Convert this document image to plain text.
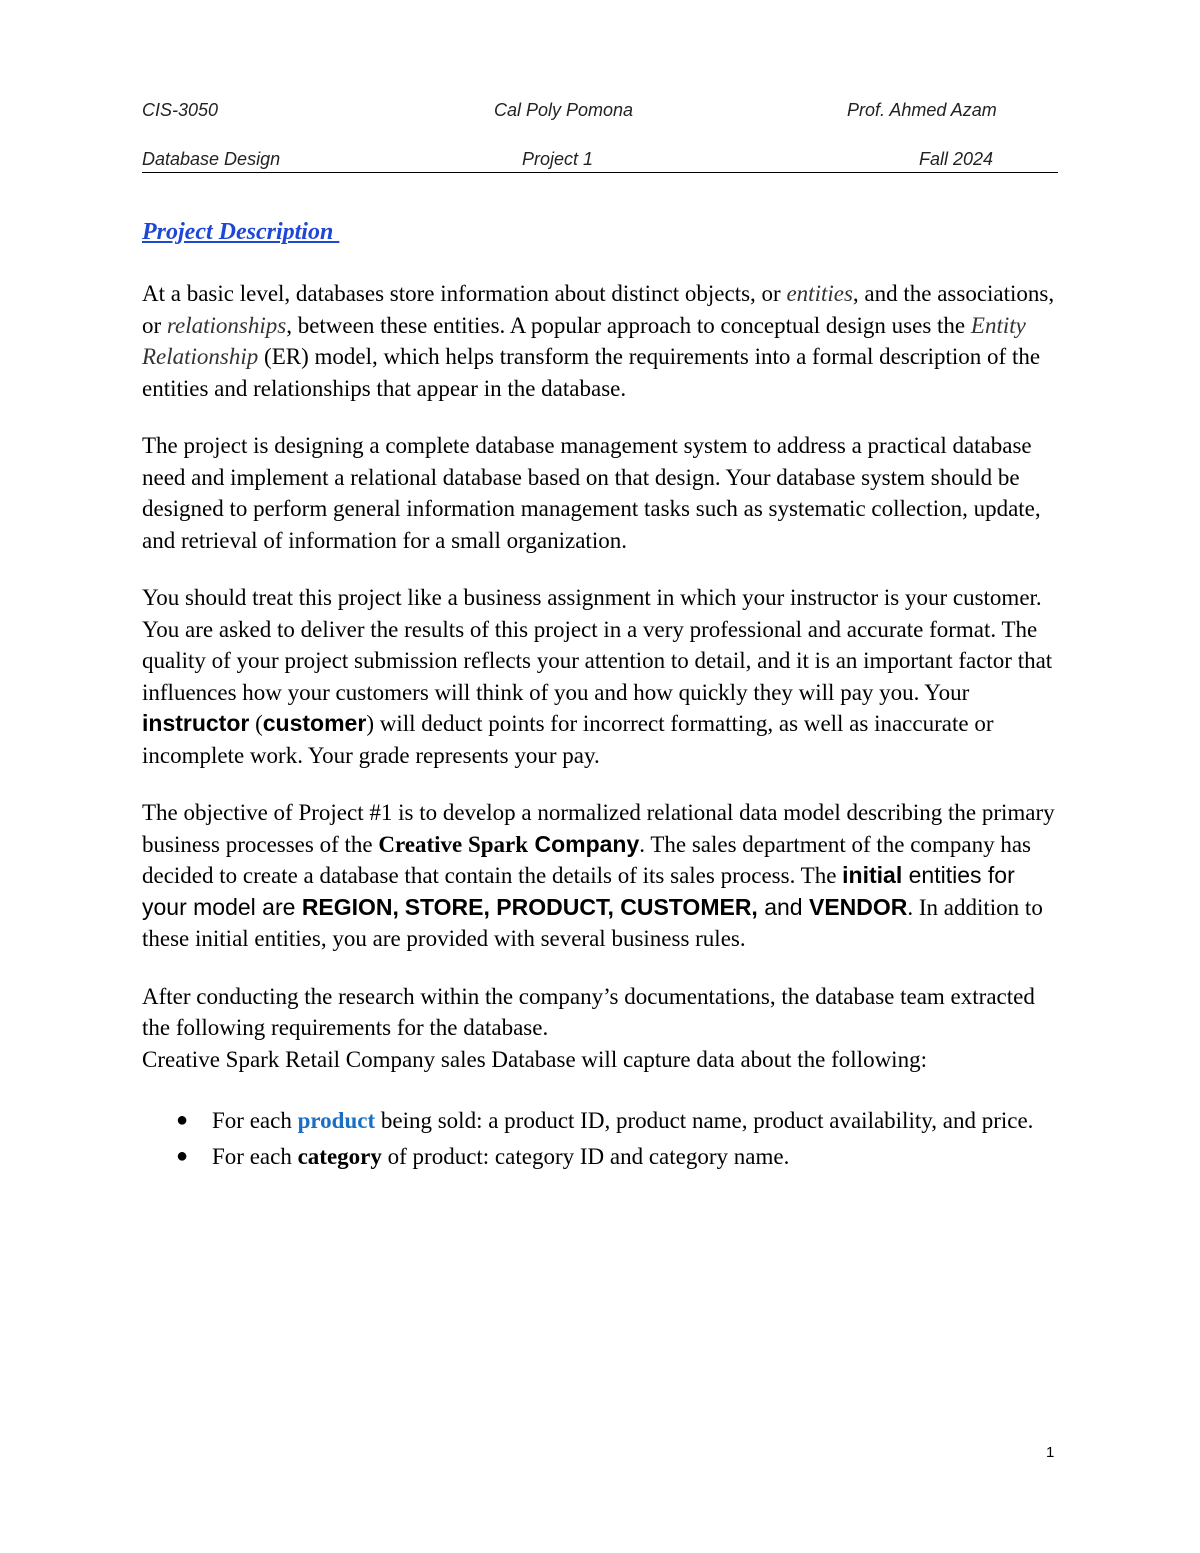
CIS-3050	Cal Poly Pomona	Prof. Ahmed Azam
Database Design	Project 1	Fall 2024
Project Description

At a basic level, databases store information about distinct objects, or entities, and the associations, or relationships, between these entities. A popular approach to conceptual design uses the Entity Relationship (ER) model, which helps transform the requirements into a formal description of the entities and relationships that appear in the database.

The project is designing a complete database management system to address a practical database need and implement a relational database based on that design. Your database system should be designed to perform general information management tasks such as systematic collection, update, and retrieval of information for a small organization.

You should treat this project like a business assignment in which your instructor is your customer. You are asked to deliver the results of this project in a very professional and accurate format. The quality of your project submission reflects your attention to detail, and it is an important factor that influences how your customers will think of you and how quickly they will pay you. Your instructor (customer) will deduct points for incorrect formatting, as well as inaccurate or incomplete work. Your grade represents your pay.

The objective of Project #1 is to develop a normalized relational data model describing the primary business processes of the Creative Spark Company. The sales department of the company has decided to create a database that contain the details of its sales process. The initial entities for your model are REGION, STORE, PRODUCT, CUSTOMER, and VENDOR. In addition to these initial entities, you are provided with several business rules.

After conducting the research within the company’s documentations, the database team extracted the following requirements for the database.

Creative Spark Retail Company sales Database will capture data about the following:

● For each product being sold: a product ID, product name, product availability, and price.
● For each category of product: category ID and category name.
1
